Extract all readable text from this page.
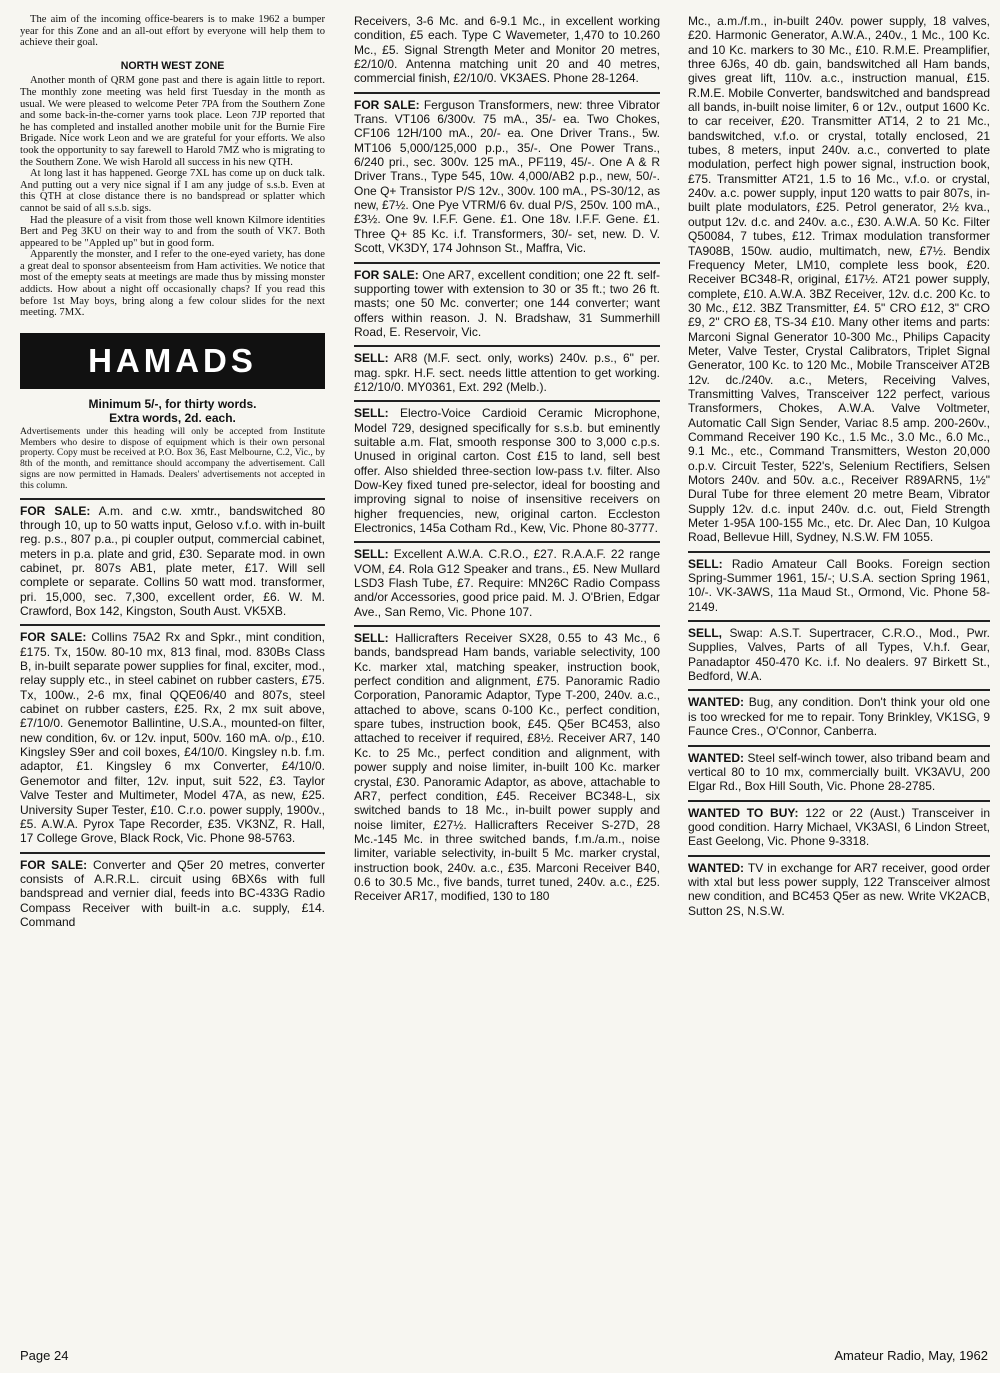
The aim of the incoming office-bearers is to make 1962 a bumper year for this Zone and an all-out effort by everyone will help them to achieve their goal.

NORTH WEST ZONE

Another month of QRM gone past and there is again little to report. The monthly zone meeting was held first Tuesday in the month as usual. We were pleased to welcome Peter 7PA from the Southern Zone and some back-in-the-corner yarns took place. Leon 7JP reported that he has completed and installed another mobile unit for the Burnie Fire Brigade. Nice work Leon and we are grateful for your efforts. We also took the opportunity to say farewell to Harold 7MZ who is migrating to the Southern Zone. We wish Harold all success in his new QTH.

At long last it has happened. George 7XL has come up on duck talk. And putting out a very nice signal if I am any judge of s.s.b. Even at this QTH at close distance there is no bandspread or splatter which cannot be said of all s.s.b. sigs.

Had the pleasure of a visit from those well known Kilmore identities Bert and Peg 3KU on their way to and from the south of VK7. Both appeared to be "Appled up" but in good form.

Apparently the monster, and I refer to the one-eyed variety, has done a great deal to sponsor absenteeism from Ham activities. We notice that most of the emepty seats at meetings are made thus by missing monster addicts. How about a night off occasionally chaps? If you read this before 1st May boys, bring along a few colour slides for the next meeting. 7MX.

HAMADS
Minimum 5/-, for thirty words.
Extra words, 2d. each.
Advertisements under this heading will only be accepted from Institute Members who desire to dispose of equipment which is their own personal property. Copy must be received at P.O. Box 36, East Melbourne, C.2, Vic., by 8th of the month, and remittance should accompany the advertisement. Call signs are now permitted in Hamads. Dealers' advertisements not accepted in this column.
FOR SALE: A.m. and c.w. xmtr., bandswitched 80 through 10, up to 50 watts input, Geloso v.f.o. with in-built reg. p.s., 807 p.a., pi coupler output, commercial cabinet, meters in p.a. plate and grid, £30. Separate mod. in own cabinet, pr. 807s AB1, plate meter, £17. Will sell complete or separate. Collins 50 watt mod. transformer, pri. 15,000, sec. 7,300, excellent order, £6. W. M. Crawford, Box 142, Kingston, South Aust. VK5XB.
FOR SALE: Collins 75A2 Rx and Spkr., mint condition, £175. Tx, 150w. 80-10 mx, 813 final, mod. 830Bs Class B, in-built separate power supplies for final, exciter, mod., relay supply etc., in steel cabinet on rubber casters, £75. Tx, 100w., 2-6 mx, final QQE06/40 and 807s, steel cabinet on rubber casters, £25. Rx, 2 mx suit above, £7/10/0. Genemotor Ballintine, U.S.A., mounted-on filter, new condition, 6v. or 12v. input, 500v. 160 mA. o/p., £10. Kingsley S9er and coil boxes, £4/10/0. Kingsley n.b. f.m. adaptor, £1. Kingsley 6 mx Converter, £4/10/0. Genemotor and filter, 12v. input, suit 522, £3. Taylor Valve Tester and Multimeter, Model 47A, as new, £25. University Super Tester, £10. C.r.o. power supply, 1900v., £5. A.W.A. Pyrox Tape Recorder, £35. VK3NZ, R. Hall, 17 College Grove, Black Rock, Vic. Phone 98-5763.
FOR SALE: Converter and Q5er 20 metres, converter consists of A.R.R.L. circuit using 6BX6s with full bandspread and vernier dial, feeds into BC-433G Radio Compass Receiver with built-in a.c. supply, £14. Command
Receivers, 3-6 Mc. and 6-9.1 Mc., in excellent working condition, £5 each. Type C Wavemeter, 1,470 to 10.260 Mc., £5. Signal Strength Meter and Monitor 20 metres, £2/10/0. Antenna matching unit 20 and 40 metres, commercial finish, £2/10/0. VK3AES. Phone 28-1264.
FOR SALE: Ferguson Transformers, new: three Vibrator Trans. VT106 6/300v. 75 mA., 35/- ea. Two Chokes, CF106 12H/100 mA., 20/- ea. One Driver Trans., 5w. MT106 5,000/125,000 p.p., 35/-. One Power Trans., 6/240 pri., sec. 300v. 125 mA., PF119, 45/-. One A & R Driver Trans., Type 545, 10w. 4,000/AB2 p.p., new, 50/-. One Q+ Transistor P/S 12v., 300v. 100 mA., PS-30/12, as new, £7½. One Pye VTRM/6 6v. dual P/S, 250v. 100 mA., £3½. One 9v. I.F.F. Gene. £1. One 18v. I.F.F. Gene. £1. Three Q+ 85 Kc. i.f. Transformers, 30/- set, new. D. V. Scott, VK3DY, 174 Johnson St., Maffra, Vic.
FOR SALE: One AR7, excellent condition; one 22 ft. self-supporting tower with extension to 30 or 35 ft.; two 26 ft. masts; one 50 Mc. converter; one 144 converter; want offers within reason. J. N. Bradshaw, 31 Summerhill Road, E. Reservoir, Vic.
SELL: AR8 (M.F. sect. only, works) 240v. p.s., 6" per. mag. spkr. H.F. sect. needs little attention to get working. £12/10/0. MY0361, Ext. 292 (Melb.).
SELL: Electro-Voice Cardioid Ceramic Microphone, Model 729, designed specifically for s.s.b. but eminently suitable a.m. Flat, smooth response 300 to 3,000 c.p.s. Unused in original carton. Cost £15 to land, sell best offer. Also shielded three-section low-pass t.v. filter. Also Dow-Key fixed tuned pre-selector, ideal for boosting and improving signal to noise of insensitive receivers on higher frequencies, new, original carton. Eccleston Electronics, 145a Cotham Rd., Kew, Vic. Phone 80-3777.
SELL: Excellent A.W.A. C.R.O., £27. R.A.A.F. 22 range VOM, £4. Rola G12 Speaker and trans., £5. New Mullard LSD3 Flash Tube, £7. Require: MN26C Radio Compass and/or Accessories, good price paid. M. J. O'Brien, Edgar Ave., San Remo, Vic. Phone 107.
SELL: Hallicrafters Receiver SX28, 0.55 to 43 Mc., 6 bands, bandspread Ham bands, variable selectivity, 100 Kc. marker xtal, matching speaker, instruction book, perfect condition and alignment, £75. Panoramic Radio Corporation, Panoramic Adaptor, Type T-200, 240v. a.c., attached to above, scans 0-100 Kc., perfect condition, spare tubes, instruction book, £45. Q5er BC453, also attached to receiver if required, £8½. Receiver AR7, 140 Kc. to 25 Mc., perfect condition and alignment, with power supply and noise limiter, in-built 100 Kc. marker crystal, £30. Panoramic Adaptor, as above, attachable to AR7, perfect condition, £45. Receiver BC348-L, six switched bands to 18 Mc., in-built power supply and noise limiter, £27½. Hallicrafters Receiver S-27D, 28 Mc.-145 Mc. in three switched bands, f.m./a.m., noise limiter, variable selectivity, in-built 5 Mc. marker crystal, instruction book, 240v. a.c., £35. Marconi Receiver B40, 0.6 to 30.5 Mc., five bands, turret tuned, 240v. a.c., £25. Receiver AR17, modified, 130 to 180
Mc., a.m./f.m., in-built 240v. power supply, 18 valves, £20. Harmonic Generator, A.W.A., 240v., 1 Mc., 100 Kc. and 10 Kc. markers to 30 Mc., £10. R.M.E. Preamplifier, three 6J6s, 40 db. gain, bandswitched all Ham bands, gives great lift, 110v. a.c., instruction manual, £15. R.M.E. Mobile Converter, bandswitched and bandspread all bands, in-built noise limiter, 6 or 12v., output 1600 Kc. to car receiver, £20. Transmitter AT14, 2 to 21 Mc., bandswitched, v.f.o. or crystal, totally enclosed, 21 tubes, 8 meters, input 240v. a.c., converted to plate modulation, perfect high power signal, instruction book, £75. Transmitter AT21, 1.5 to 16 Mc., v.f.o. or crystal, 240v. a.c. power supply, input 120 watts to pair 807s, in-built plate modulators, £25. Petrol generator, 2½ kva., output 12v. d.c. and 240v. a.c., £30. A.W.A. 50 Kc. Filter Q50084, 7 tubes, £12. Trimax modulation transformer TA908B, 150w. audio, multimatch, new, £7½. Bendix Frequency Meter, LM10, complete less book, £20. Receiver BC348-R, original, £17½. AT21 power supply, complete, £10. A.W.A. 3BZ Receiver, 12v. d.c. 200 Kc. to 30 Mc., £12. 3BZ Transmitter, £4. 5" CRO £12, 3" CRO £9, 2" CRO £8, TS-34 £10. Many other items and parts: Marconi Signal Generator 10-300 Mc., Philips Capacity Meter, Valve Tester, Crystal Calibrators, Triplet Signal Generator, 100 Kc. to 120 Mc., Mobile Transceiver AT2B 12v. dc./240v. a.c., Meters, Receiving Valves, Transmitting Valves, Transceiver 122 perfect, various Transformers, Chokes, A.W.A. Valve Voltmeter, Automatic Call Sign Sender, Variac 8.5 amp. 200-260v., Command Receiver 190 Kc., 1.5 Mc., 3.0 Mc., 6.0 Mc., 9.1 Mc., etc., Command Transmitters, Weston 20,000 o.p.v. Circuit Tester, 522's, Selenium Rectifiers, Selsen Motors 240v. and 50v. a.c., Receiver R89ARN5, 1½" Dural Tube for three element 20 metre Beam, Vibrator Supply 12v. d.c. input 240v. d.c. out, Field Strength Meter 1-95A 100-155 Mc., etc. Dr. Alec Dan, 10 Kulgoa Road, Bellevue Hill, Sydney, N.S.W. FM 1055.
SELL: Radio Amateur Call Books. Foreign section Spring-Summer 1961, 15/-; U.S.A. section Spring 1961, 10/-. VK-3AWS, 11a Maud St., Ormond, Vic. Phone 58-2149.
SELL, Swap: A.S.T. Supertracer, C.R.O., Mod., Pwr. Supplies, Valves, Parts of all Types, V.h.f. Gear, Panadaptor 450-470 Kc. i.f. No dealers. 97 Birkett St., Bedford, W.A.
WANTED: Bug, any condition. Don't think your old one is too wrecked for me to repair. Tony Brinkley, VK1SG, 9 Faunce Cres., O'Connor, Canberra.
WANTED: Steel self-winch tower, also triband beam and vertical 80 to 10 mx, commercially built. VK3AVU, 200 Elgar Rd., Box Hill South, Vic. Phone 28-2785.
WANTED TO BUY: 122 or 22 (Aust.) Transceiver in good condition. Harry Michael, VK3ASI, 6 Lindon Street, East Geelong, Vic. Phone 9-3318.
WANTED: TV in exchange for AR7 receiver, good order with xtal but less power supply, 122 Transceiver almost new condition, and BC453 Q5er as new. Write VK2ACB, Sutton 2S, N.S.W.
Page 24	Amateur Radio, May, 1962
